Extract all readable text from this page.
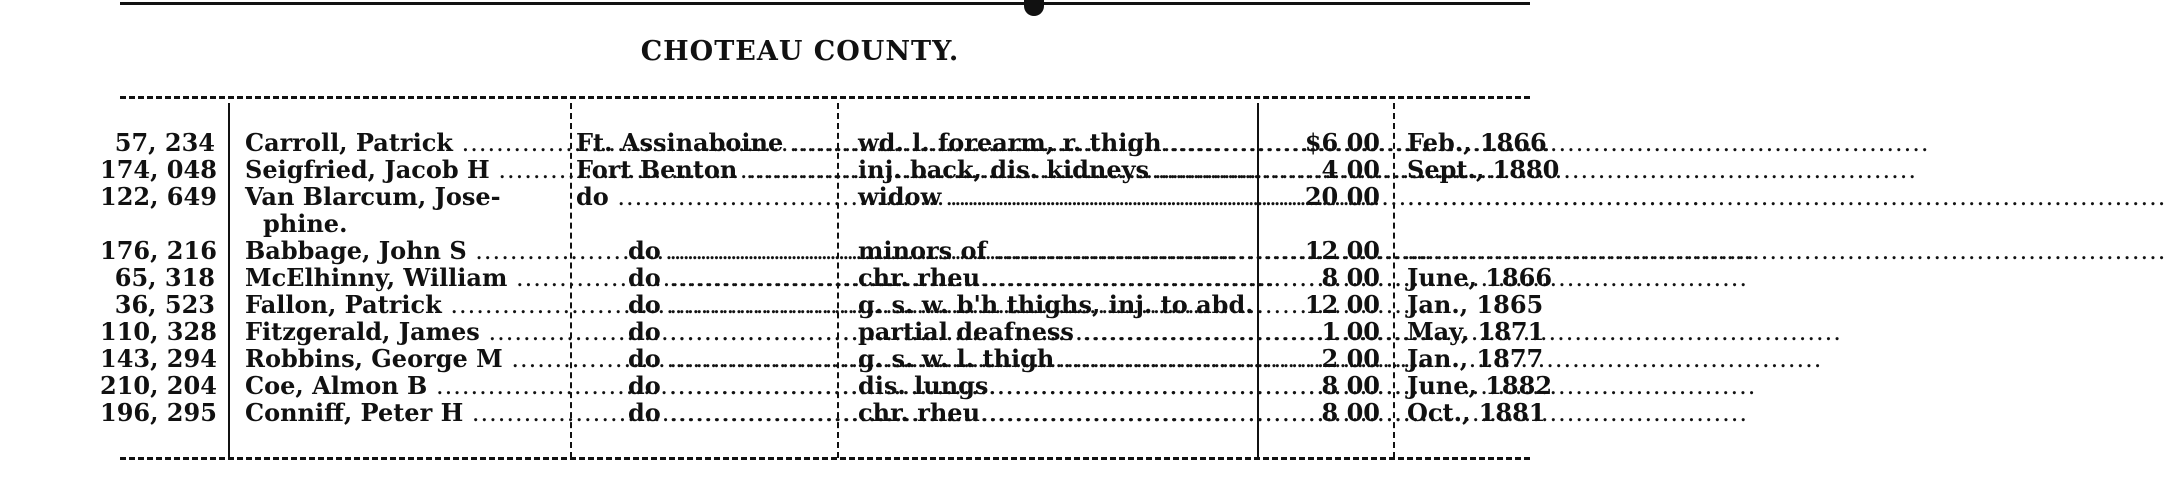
CHOTEAU COUNTY.
57, 234 Carroll, Patrick .....	Ft. Assinaboine .....	wd. l. forearm, r. thigh .....	$6 00 Feb., 1866
174, 048 Seigfried, Jacob H .....	Fort Benton .....	inj. back, dis. kidneys .....	4 00 Sept., 1880
122, 649 Van Blarcum, Jose-	do .....	widow .....	20 00
.....
phine.
176, 216 Babbage, John S .....	do .....	minors of .....	12 00
.....
65, 318 McElhinny, William .....	do .....	chr. rheu .....	8 00 June, 1866
36, 523 Fallon, Patrick .....	do .....	g. s. w. b'h thighs, inj. to abd.	12 00 Jan., 1865
110, 328 Fitzgerald, James .....	do .....	partial deafness .....	1 00 May, 1871
143, 294 Robbins, George M .....	do .....	g. s. w. l. thigh .....	2 00 Jan., 1877
210, 204 Coe, Almon B .....	do .....	dis. lungs .....	8 00 June, 1882
196, 295 Conniff, Peter H .....	do .....	chr. rheu .....	8 00 Oct., 1881
